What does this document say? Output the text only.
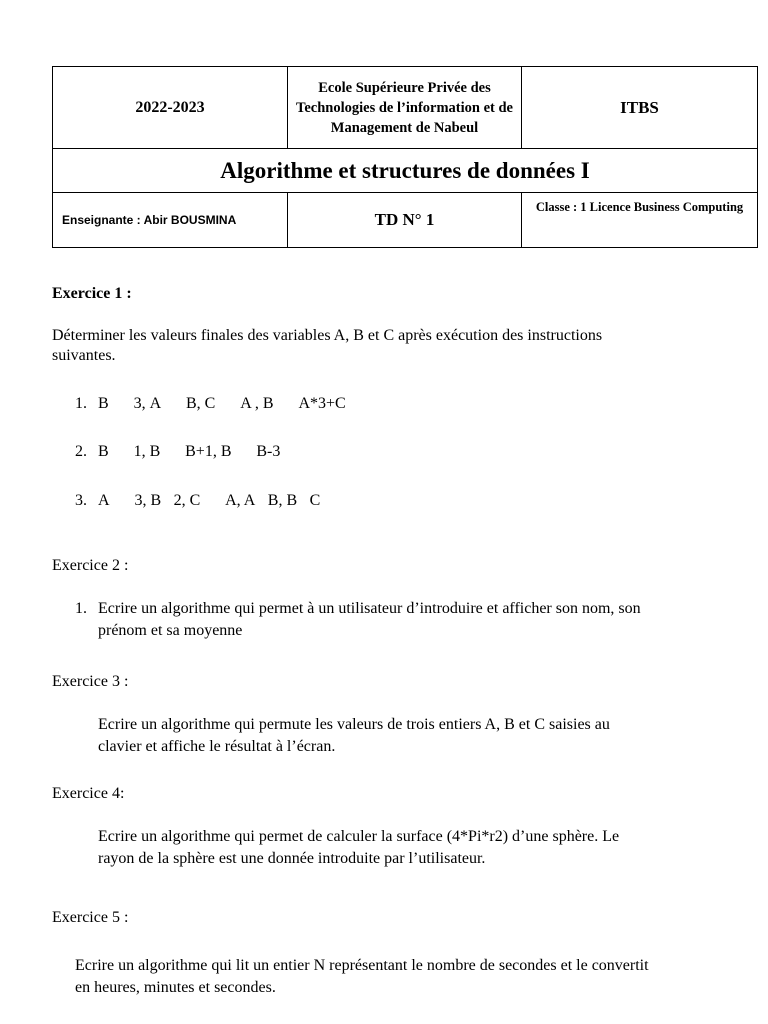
2022-2023	Ecole Supérieure Privée des Technologies de l’information et de Management de Nabeul	ITBS
Algorithme et structures de données I		
Enseignante : Abir BOUSMINA	TD N° 1	Classe : 1 Licence Business Computing
Exercice 1 :
Déterminer les valeurs finales des variables A, B et C après exécution des instructions
suivantes.
1. B 3, A B, C A , B A*3+C
2. B 1, B B+1, B B-3
3. A 3, B 2, C A, A B, B C
Exercice 2 :
1. Ecrire un algorithme qui permet à un utilisateur d’introduire et afficher son nom, son
prénom et sa moyenne
Exercice 3 :
Ecrire un algorithme qui permute les valeurs de trois entiers A, B et C saisies au
clavier et affiche le résultat à l’écran.
Exercice 4:
Ecrire un algorithme qui permet de calculer la surface (4*Pi*r2) d’une sphère. Le
rayon de la sphère est une donnée introduite par l’utilisateur.
Exercice 5 :
Ecrire un algorithme qui lit un entier N représentant le nombre de secondes et le convertit
en heures, minutes et secondes.
